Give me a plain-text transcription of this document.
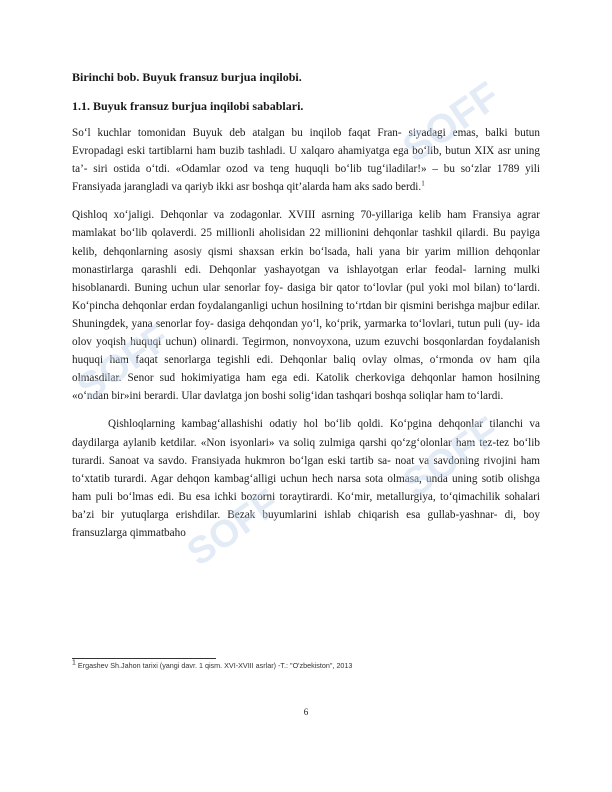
Birinchi bob. Buyuk fransuz burjua inqilobi.

1.1. Buyuk fransuz burjua inqilobi sabablari.

So‘l kuchlar tomonidan Buyuk deb atalgan bu inqilob faqat Fran- siyadagi emas, balki butun Evropadagi eski tartiblarni ham buzib tashladi. U xalqaro ahamiyatga ega bo‘lib, butun XIX asr uning ta’- siri ostida o‘tdi. «Odamlar ozod va teng huquqli bo‘lib tug‘iladilar!» – bu so‘zlar 1789 yili Fransiyada jarangladi va qariyb ikki asr boshqa qit’alarda ham aks sado berdi.$^1$

Qishloq xo‘jaligi. Dehqonlar va zodagonlar. XVIII asrning 70-yillariga kelib ham Fransiya agrar mamlakat bo‘lib qolaverdi. 25 millionli aholisidan 22 millionini dehqonlar tashkil qilardi. Bu payiga kelib, dehqonlarning asosiy qismi shaxsan erkin bo‘lsada, hali yana bir yarim million dehqonlar monastirlarga qarashli edi. Dehqonlar yashayotgan va ishlayotgan erlar feodal- larning mulki hisoblanardi. Buning uchun ular senorlar foy- dasiga bir qator to‘lovlar (pul yoki mol bilan) to‘lardi. Ko‘pincha dehqonlar erdan foydalanganligi uchun hosilning to‘rtdan bir qismini berishga majbur edilar. Shuningdek, yana senorlar foy- dasiga dehqondan yo‘l, ko‘prik, yarmarka to‘lovlari, tutun puli (uy- ida olov yoqish huquqi uchun) olinardi. Tegirmon, nonvoyxona, uzum ezuvchi bosqonlardan foydalanish huquqi ham faqat senorlarga tegishli edi. Dehqonlar baliq ovlay olmas, o‘rmonda ov ham qila olmasdilar. Senor sud hokimiyatiga ham ega edi. Katolik cherkoviga dehqonlar hamon hosilning «o‘ndan bir»ini berardi. Ular davlatga jon boshi solig‘idan tashqari boshqa soliqlar ham to‘lardi.

Qishloqlarning kambag‘allashishi odatiy hol bo‘lib qoldi. Ko‘pgina dehqonlar tilanchi va daydilarga aylanib ketdilar. «Non isyonlari» va soliq zulmiga qarshi qo‘zg‘olonlar ham tez-tez bo‘lib turardi. Sanoat va savdo. Fransiyada hukmron bo‘lgan eski tartib sa- noat va savdoning rivojini ham to‘xtatib turardi. Agar dehqon kambag‘alligi uchun hech narsa sota olmasa, unda uning sotib olishga ham puli bo‘lmas edi. Bu esa ichki bozorni toraytirardi. Ko‘mir, metallurgiya, to‘qimachilik sohalari ba’zi bir yutuqlarga erishdilar. Bezak buyumlarini ishlab chiqarish esa gullab-yashnar- di, boy fransuzlarga qimmatbaho

1 Ergashev Sh.Jahon tarixi (yangi davr. 1 qism. XVI-XVIII asrlar) -T.: "O'zbekiston", 2013
6
SOFF
SOFF
SOFF
SOFF
